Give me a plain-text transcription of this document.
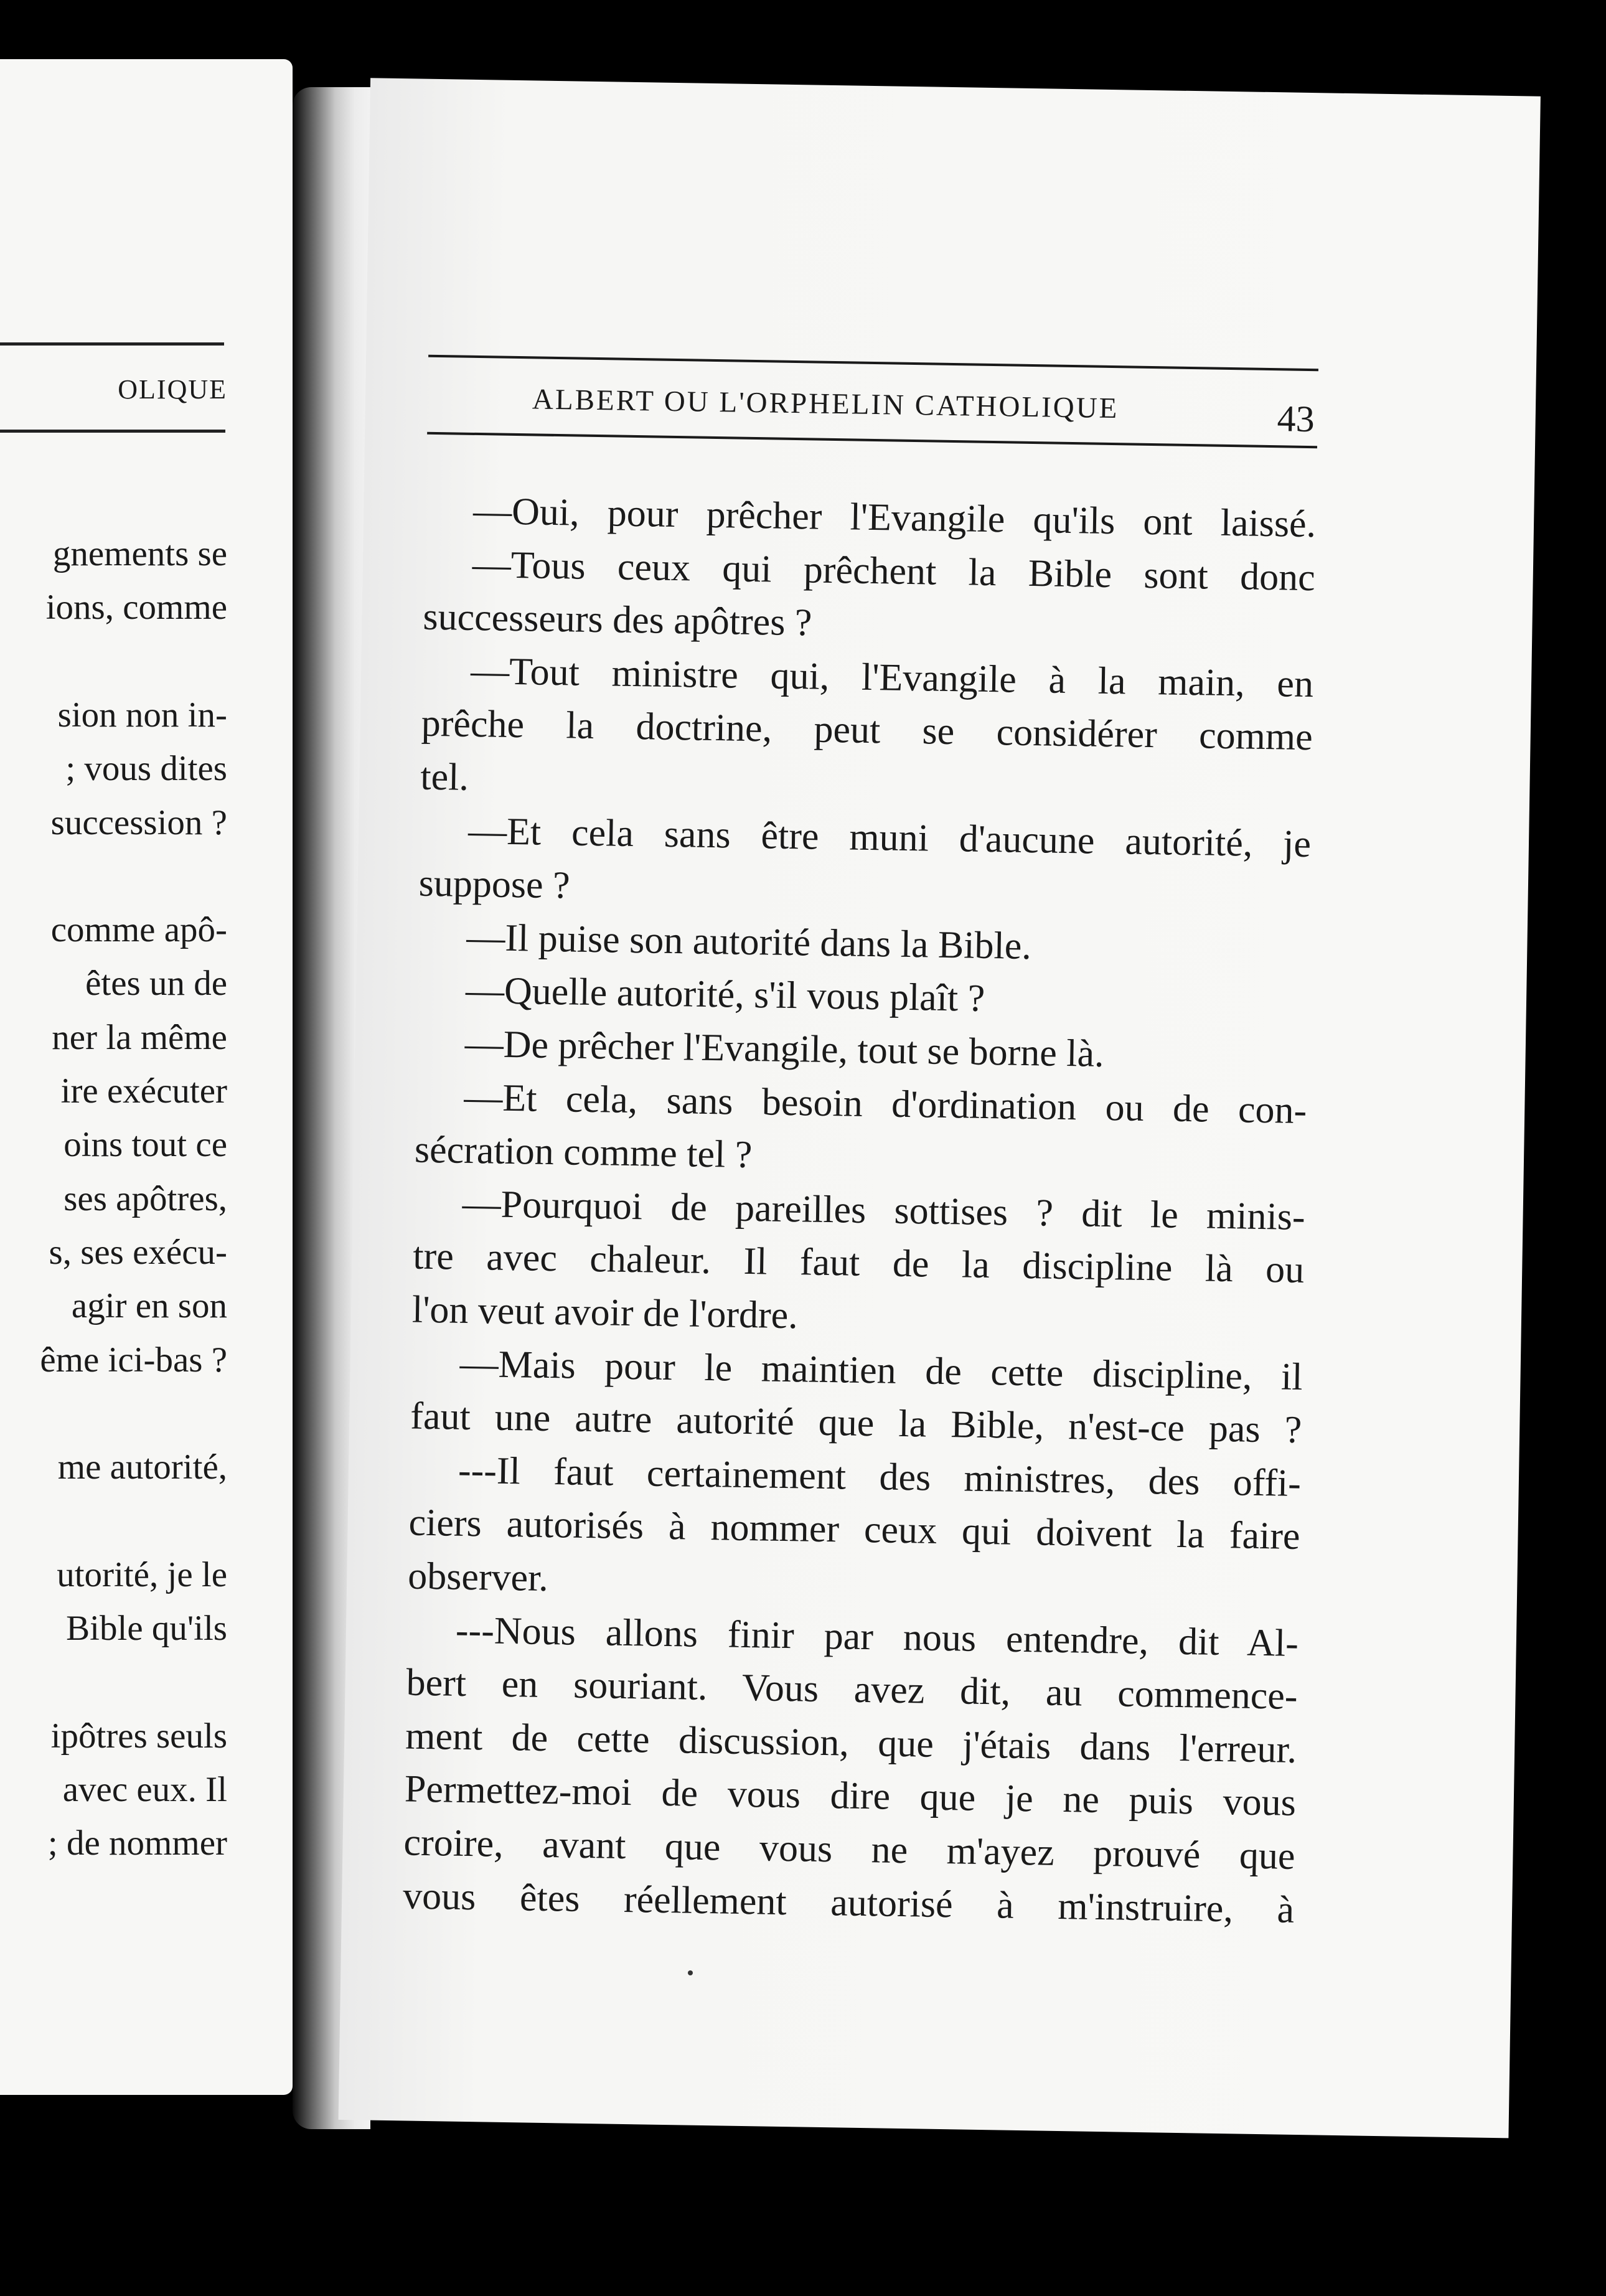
OLIQUE
gnements se
ions, comme
sion non in-
; vous dites
succession ?
comme apô-
êtes un de
ner la même
ire exécuter
oins tout ce
ses apôtres,
s, ses exécu-
agir en son
ême ici-bas ?
me autorité,
utorité, je le
Bible qu'ils
ipôtres seuls
avec eux. Il
; de nommer
ALBERT OU L'ORPHELIN CATHOLIQUE	43
—Oui, pour prêcher l'Evangile qu'ils ont laissé.
—Tous ceux qui prêchent la Bible sont donc
successeurs des apôtres ?
—Tout ministre qui, l'Evangile à la main, en
prêche la doctrine, peut se considérer comme
tel.
—Et cela sans être muni d'aucune autorité, je
suppose ?
—Il puise son autorité dans la Bible.
—Quelle autorité, s'il vous plaît ?
—De prêcher l'Evangile, tout se borne là.
—Et cela, sans besoin d'ordination ou de con-
sécration comme tel ?
—Pourquoi de pareilles sottises ? dit le minis-
tre avec chaleur. Il faut de la discipline là ou
l'on veut avoir de l'ordre.
—Mais pour le maintien de cette discipline, il
faut une autre autorité que la Bible, n'est-ce pas ?
---Il faut certainement des ministres, des offi-
ciers autorisés à nommer ceux qui doivent la faire
observer.
---Nous allons finir par nous entendre, dit Al-
bert en souriant. Vous avez dit, au commence-
ment de cette discussion, que j'étais dans l'erreur.
Permettez-moi de vous dire que je ne puis vous
croire, avant que vous ne m'ayez prouvé que
vous êtes réellement autorisé à m'instruire, à
